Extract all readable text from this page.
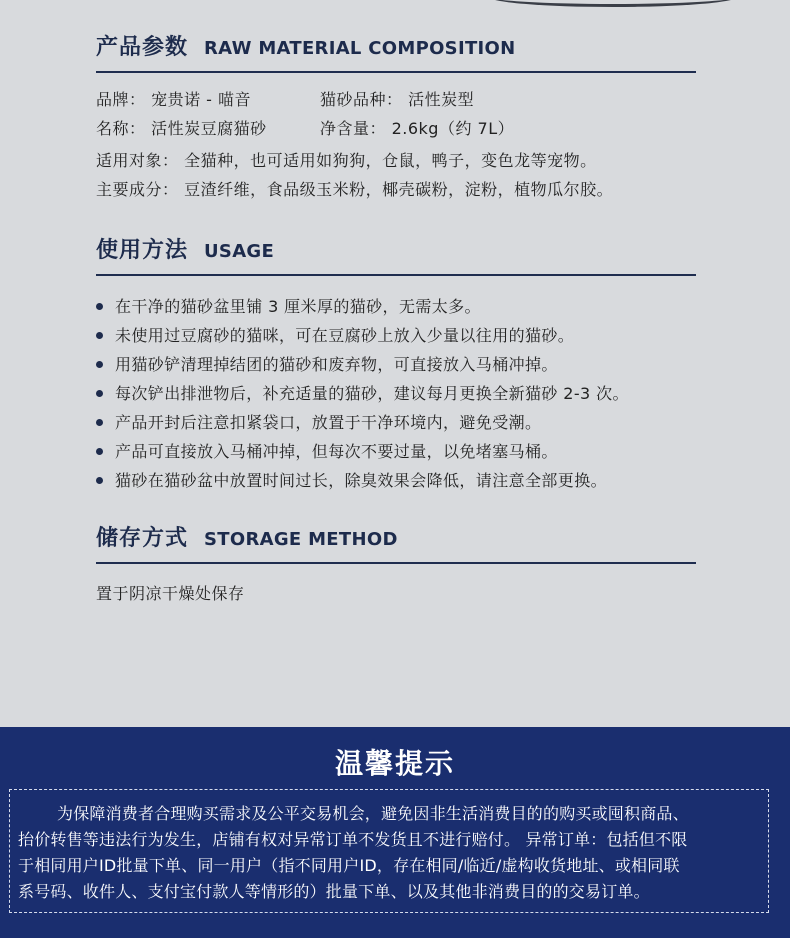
产品参数 RAW MATERIAL COMPOSITION
品牌： 宠贵诺 - 喵音	猫砂品种： 活性炭型
名称： 活性炭豆腐猫砂	净含量： 2.6kg（约 7L）
适用对象： 全猫种，也可适用如狗狗，仓鼠，鸭子，变色龙等宠物。
主要成分： 豆渣纤维，食品级玉米粉，椰壳碳粉，淀粉，植物瓜尔胶。
使用方法 USAGE
在干净的猫砂盆里铺 3 厘米厚的猫砂，无需太多。
未使用过豆腐砂的猫咪，可在豆腐砂上放入少量以往用的猫砂。
用猫砂铲清理掉结团的猫砂和废弃物，可直接放入马桶冲掉。
每次铲出排泄物后，补充适量的猫砂，建议每月更换全新猫砂 2-3 次。
产品开封后注意扣紧袋口，放置于干净环境内，避免受潮。
产品可直接放入马桶冲掉，但每次不要过量，以免堵塞马桶。
猫砂在猫砂盆中放置时间过长，除臭效果会降低，请注意全部更换。
储存方式 STORAGE METHOD
置于阴凉干燥处保存
温馨提示
为保障消费者合理购买需求及公平交易机会，避免因非生活消费目的的购买或囤积商品、
抬价转售等违法行为发生，店铺有权对异常订单不发货且不进行赔付。 异常订单：包括但不限
于相同用户ID批量下单、同一用户（指不同用户ID，存在相同/临近/虚构收货地址、或相同联
系号码、收件人、支付宝付款人等情形的）批量下单、以及其他非消费目的的交易订单。
